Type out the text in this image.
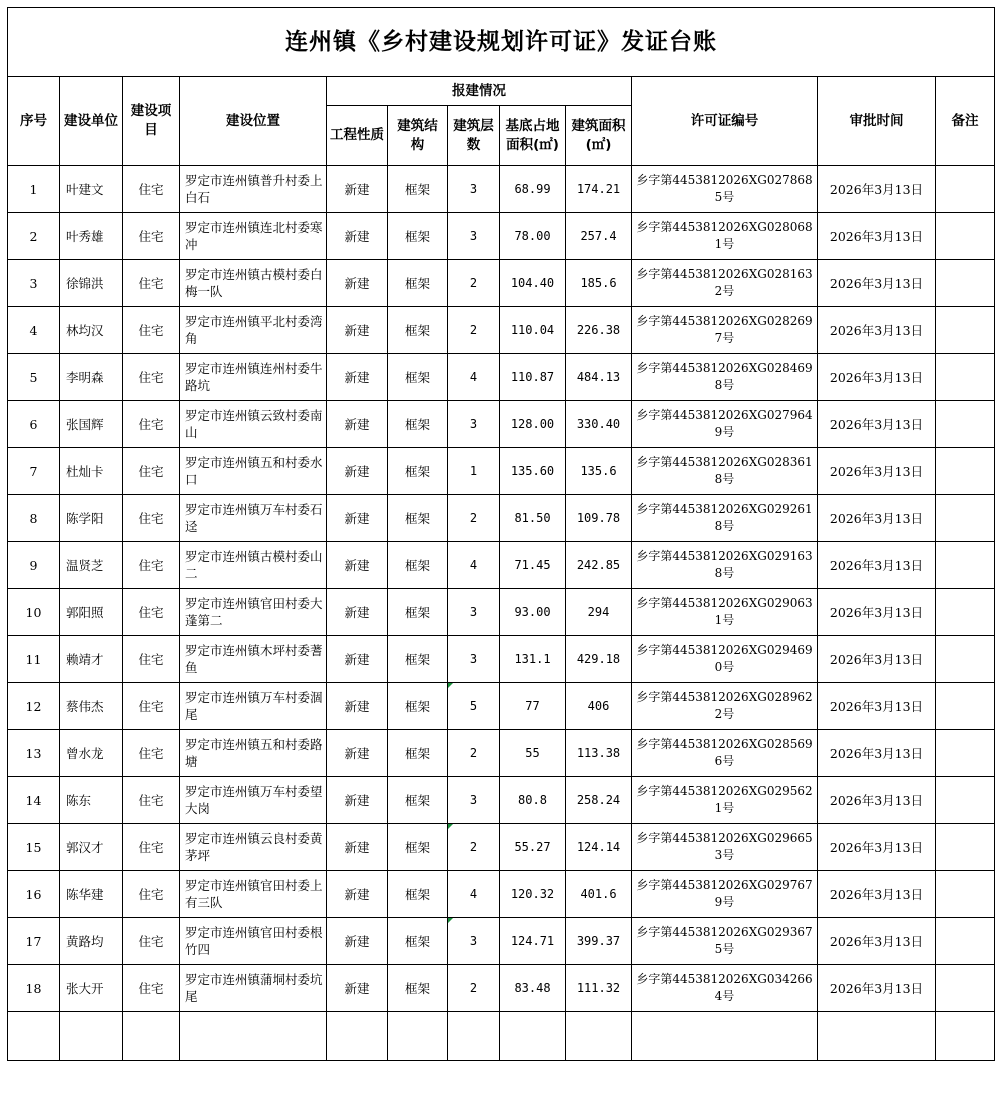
连州镇《乡村建设规划许可证》发证台账											
序号	建设单位	建设项目	建设位置	报建情况					许可证编号	审批时间	备注
				工程性质	建筑结构	建筑层数	基底占地面积(㎡)	建筑面积(㎡)			
1	叶建文	住宅	罗定市连州镇普升村委上白石	新建	框架	3	68.99	174.21	乡字第4453812026XG0278685号	2026年3月13日	
2	叶秀雄	住宅	罗定市连州镇连北村委寒冲	新建	框架	3	78.00	257.4	乡字第4453812026XG0280681号	2026年3月13日	
3	徐锦洪	住宅	罗定市连州镇古模村委白梅一队	新建	框架	2	104.40	185.6	乡字第4453812026XG0281632号	2026年3月13日	
4	林均汉	住宅	罗定市连州镇平北村委湾角	新建	框架	2	110.04	226.38	乡字第4453812026XG0282697号	2026年3月13日	
5	李明森	住宅	罗定市连州镇连州村委牛路坑	新建	框架	4	110.87	484.13	乡字第4453812026XG0284698号	2026年3月13日	
6	张国辉	住宅	罗定市连州镇云致村委南山	新建	框架	3	128.00	330.40	乡字第4453812026XG0279649号	2026年3月13日	
7	杜灿卡	住宅	罗定市连州镇五和村委水口	新建	框架	1	135.60	135.6	乡字第4453812026XG0283618号	2026年3月13日	
8	陈学阳	住宅	罗定市连州镇万车村委石迳	新建	框架	2	81.50	109.78	乡字第4453812026XG0292618号	2026年3月13日	
9	温贤芝	住宅	罗定市连州镇古模村委山二	新建	框架	4	71.45	242.85	乡字第4453812026XG0291638号	2026年3月13日	
10	郭阳照	住宅	罗定市连州镇官田村委大蓬第二	新建	框架	3	93.00	294	乡字第4453812026XG0290631号	2026年3月13日	
11	赖靖才	住宅	罗定市连州镇木坪村委蓍鱼	新建	框架	3	131.1	429.18	乡字第4453812026XG0294690号	2026年3月13日	
12	蔡伟杰	住宅	罗定市连州镇万车村委涸尾	新建	框架	5	77	406	乡字第4453812026XG0289622号	2026年3月13日	
13	曾水龙	住宅	罗定市连州镇五和村委路塘	新建	框架	2	55	113.38	乡字第4453812026XG0285696号	2026年3月13日	
14	陈东	住宅	罗定市连州镇万车村委望大岗	新建	框架	3	80.8	258.24	乡字第4453812026XG0295621号	2026年3月13日	
15	郭汉才	住宅	罗定市连州镇云良村委黄茅坪	新建	框架	2	55.27	124.14	乡字第4453812026XG0296653号	2026年3月13日	
16	陈华建	住宅	罗定市连州镇官田村委上有三队	新建	框架	4	120.32	401.6	乡字第4453812026XG0297679号	2026年3月13日	
17	黄路均	住宅	罗定市连州镇官田村委根竹四	新建	框架	3	124.71	399.37	乡字第4453812026XG0293675号	2026年3月13日	
18	张大开	住宅	罗定市连州镇蒲垌村委坑尾	新建	框架	2	83.48	111.32	乡字第4453812026XG0342664号	2026年3月13日	
